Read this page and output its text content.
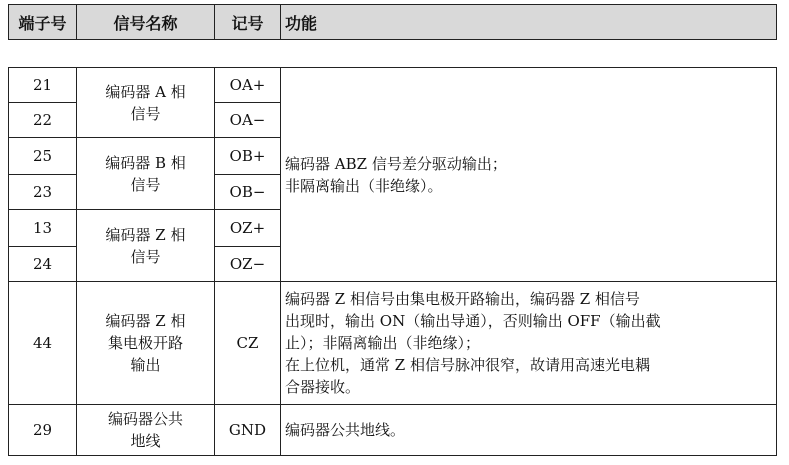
端子号	信号名称	记号	功能
21	编码器 A 相
信号	OA+	编码器 ABZ 信号差分驱动输出；
非隔离输出（非绝缘）。

22		OA−	
25	编码器 B 相
信号	OB+	
23		OB−	
13	编码器 Z 相
信号	OZ+	
24		OZ−	
44	编码器 Z 相
集电极开路
输出	CZ	编码器 Z 相信号由集电极开路输出，编码器 Z 相信号
出现时，输出 ON（输出导通），否则输出 OFF（输出截
止）；非隔离输出（非绝缘）；
在上位机，通常 Z 相信号脉冲很窄，故请用高速光电耦
合器接收。

29	编码器公共
地线	GND	编码器公共地线。
